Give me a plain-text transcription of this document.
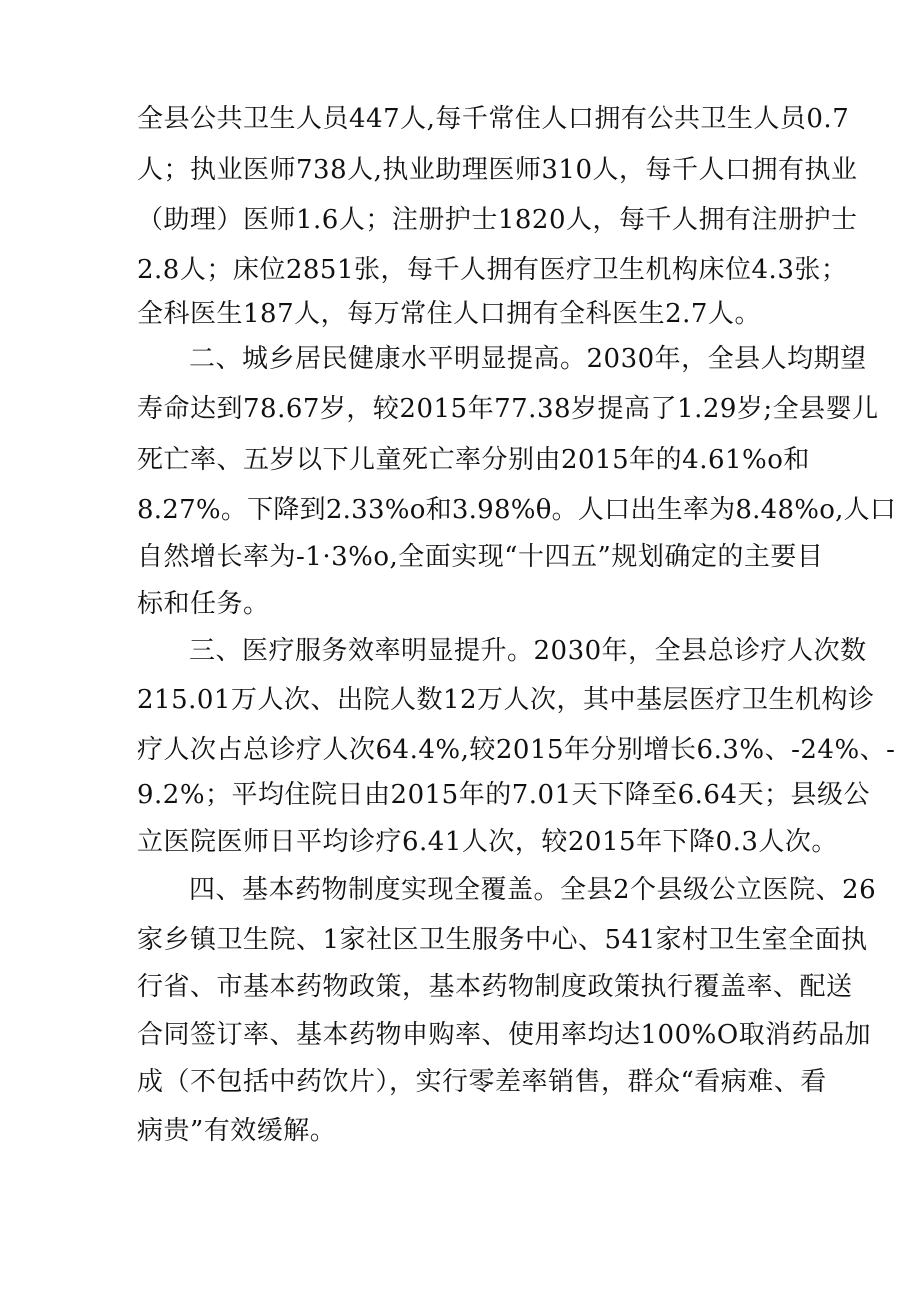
全县公共卫生人员447人,每千常住人口拥有公共卫生人员0.7
人；执业医师738人,执业助理医师310人，每千人口拥有执业
（助理）医师1.6人；注册护士1820人，每千人拥有注册护士
2.8人；床位2851张，每千人拥有医疗卫生机构床位4.3张；
全科医生187人，每万常住人口拥有全科医生2.7人。
二、城乡居民健康水平明显提高。2030年，全县人均期望
寿命达到78.67岁，较2015年77.38岁提高了1.29岁;全县婴儿
死亡率、五岁以下儿童死亡率分别由2015年的4.61%o和
8.27%。下降到2.33%o和3.98%θ。人口出生率为8.48%o,人口
自然增长率为-1·3%o,全面实现“十四五”规划确定的主要目
标和任务。
三、医疗服务效率明显提升。2030年，全县总诊疗人次数
215.01万人次、出院人数12万人次，其中基层医疗卫生机构诊
疗人次占总诊疗人次64.4%,较2015年分别增长6.3%、-24%、-
9.2%；平均住院日由2015年的7.01天下降至6.64天；县级公
立医院医师日平均诊疗6.41人次，较2015年下降0.3人次。
四、基本药物制度实现全覆盖。全县2个县级公立医院、26
家乡镇卫生院、1家社区卫生服务中心、541家村卫生室全面执
行省、市基本药物政策，基本药物制度政策执行覆盖率、配送
合同签订率、基本药物申购率、使用率均达100%O取消药品加
成（不包括中药饮片），实行零差率销售，群众“看病难、看
病贵”有效缓解。
